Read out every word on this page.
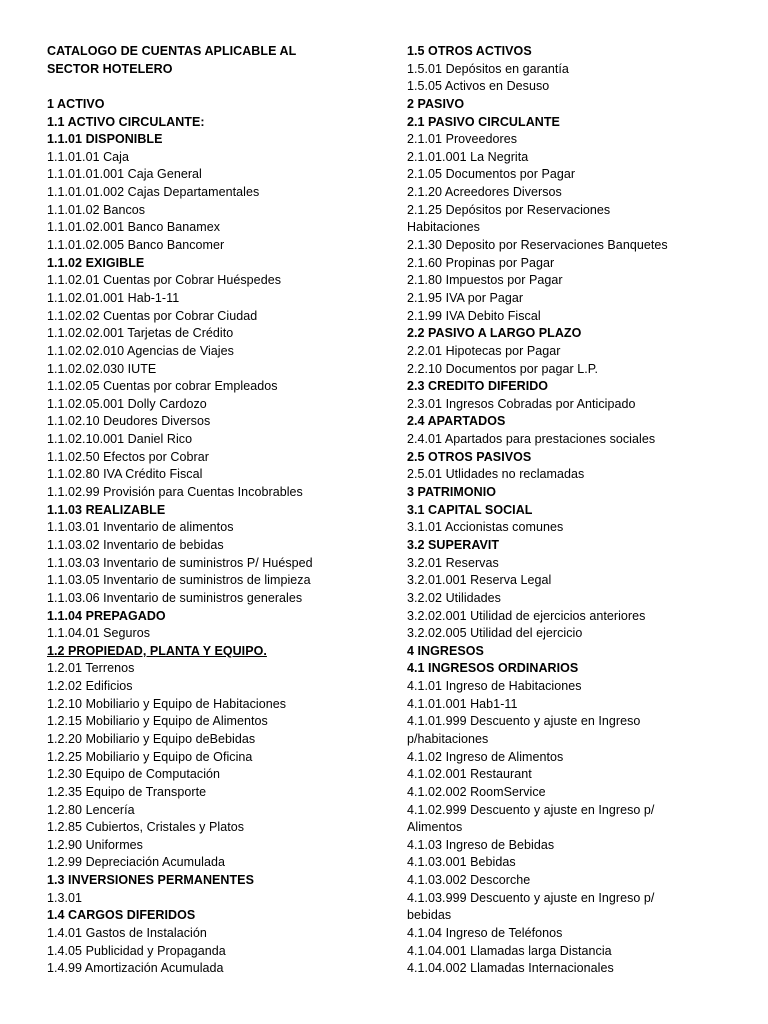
CATALOGO DE CUENTAS APLICABLE AL
SECTOR HOTELERO
1 ACTIVO
1.1 ACTIVO CIRCULANTE:
1.1.01 DISPONIBLE
1.1.01.01 Caja
1.1.01.01.001 Caja General
1.1.01.01.002 Cajas Departamentales
1.1.01.02 Bancos
1.1.01.02.001 Banco Banamex
1.1.01.02.005 Banco Bancomer
1.1.02 EXIGIBLE
1.1.02.01 Cuentas por Cobrar Huéspedes
1.1.02.01.001 Hab-1-11
1.1.02.02 Cuentas por Cobrar Ciudad
1.1.02.02.001 Tarjetas de Crédito
1.1.02.02.010 Agencias de Viajes
1.1.02.02.030 IUTE
1.1.02.05 Cuentas por cobrar Empleados
1.1.02.05.001 Dolly Cardozo
1.1.02.10 Deudores Diversos
1.1.02.10.001 Daniel Rico
1.1.02.50 Efectos por Cobrar
1.1.02.80 IVA Crédito Fiscal
1.1.02.99 Provisión para Cuentas Incobrables
1.1.03 REALIZABLE
1.1.03.01 Inventario de alimentos
1.1.03.02 Inventario de bebidas
1.1.03.03 Inventario de suministros P/ Huésped
1.1.03.05 Inventario de suministros de limpieza
1.1.03.06 Inventario de suministros generales
1.1.04 PREPAGADO
1.1.04.01 Seguros
1.2 PROPIEDAD, PLANTA Y EQUIPO.
1.2.01 Terrenos
1.2.02 Edificios
1.2.10 Mobiliario y Equipo de Habitaciones
1.2.15 Mobiliario y Equipo de Alimentos
1.2.20 Mobiliario y Equipo deBebidas
1.2.25 Mobiliario y Equipo de Oficina
1.2.30 Equipo de Computación
1.2.35 Equipo de Transporte
1.2.80 Lencería
1.2.85 Cubiertos, Cristales y Platos
1.2.90 Uniformes
1.2.99 Depreciación Acumulada
1.3 INVERSIONES PERMANENTES
1.3.01
1.4 CARGOS DIFERIDOS
1.4.01 Gastos de Instalación
1.4.05 Publicidad y Propaganda
1.4.99 Amortización Acumulada
1.5 OTROS ACTIVOS
1.5.01 Depósitos en garantía
1.5.05 Activos en Desuso
2 PASIVO
2.1 PASIVO CIRCULANTE
2.1.01 Proveedores
2.1.01.001 La Negrita
2.1.05 Documentos por Pagar
2.1.20 Acreedores Diversos
2.1.25 Depósitos por Reservaciones
Habitaciones
2.1.30 Deposito por Reservaciones Banquetes
2.1.60 Propinas por Pagar
2.1.80 Impuestos por Pagar
2.1.95 IVA por Pagar
2.1.99 IVA Debito Fiscal
2.2 PASIVO A LARGO PLAZO
2.2.01 Hipotecas por Pagar
2.2.10 Documentos por pagar L.P.
2.3 CREDITO DIFERIDO
2.3.01 Ingresos Cobradas por Anticipado
2.4 APARTADOS
2.4.01 Apartados para prestaciones sociales
2.5 OTROS PASIVOS
2.5.01 Utlidades no reclamadas
3 PATRIMONIO
3.1 CAPITAL SOCIAL
3.1.01 Accionistas comunes
3.2 SUPERAVIT
3.2.01 Reservas
3.2.01.001 Reserva Legal
3.2.02 Utilidades
3.2.02.001 Utilidad de ejercicios anteriores
3.2.02.005 Utilidad del ejercicio
4 INGRESOS
4.1 INGRESOS ORDINARIOS
4.1.01 Ingreso de Habitaciones
4.1.01.001 Hab1-11
4.1.01.999 Descuento y ajuste en Ingreso
p/habitaciones
4.1.02 Ingreso de Alimentos
4.1.02.001 Restaurant
4.1.02.002 RoomService
4.1.02.999 Descuento y ajuste en Ingreso p/
Alimentos
4.1.03 Ingreso de Bebidas
4.1.03.001 Bebidas
4.1.03.002 Descorche
4.1.03.999 Descuento y ajuste en Ingreso p/
bebidas
4.1.04 Ingreso de Teléfonos
4.1.04.001 Llamadas larga Distancia
4.1.04.002 Llamadas Internacionales
